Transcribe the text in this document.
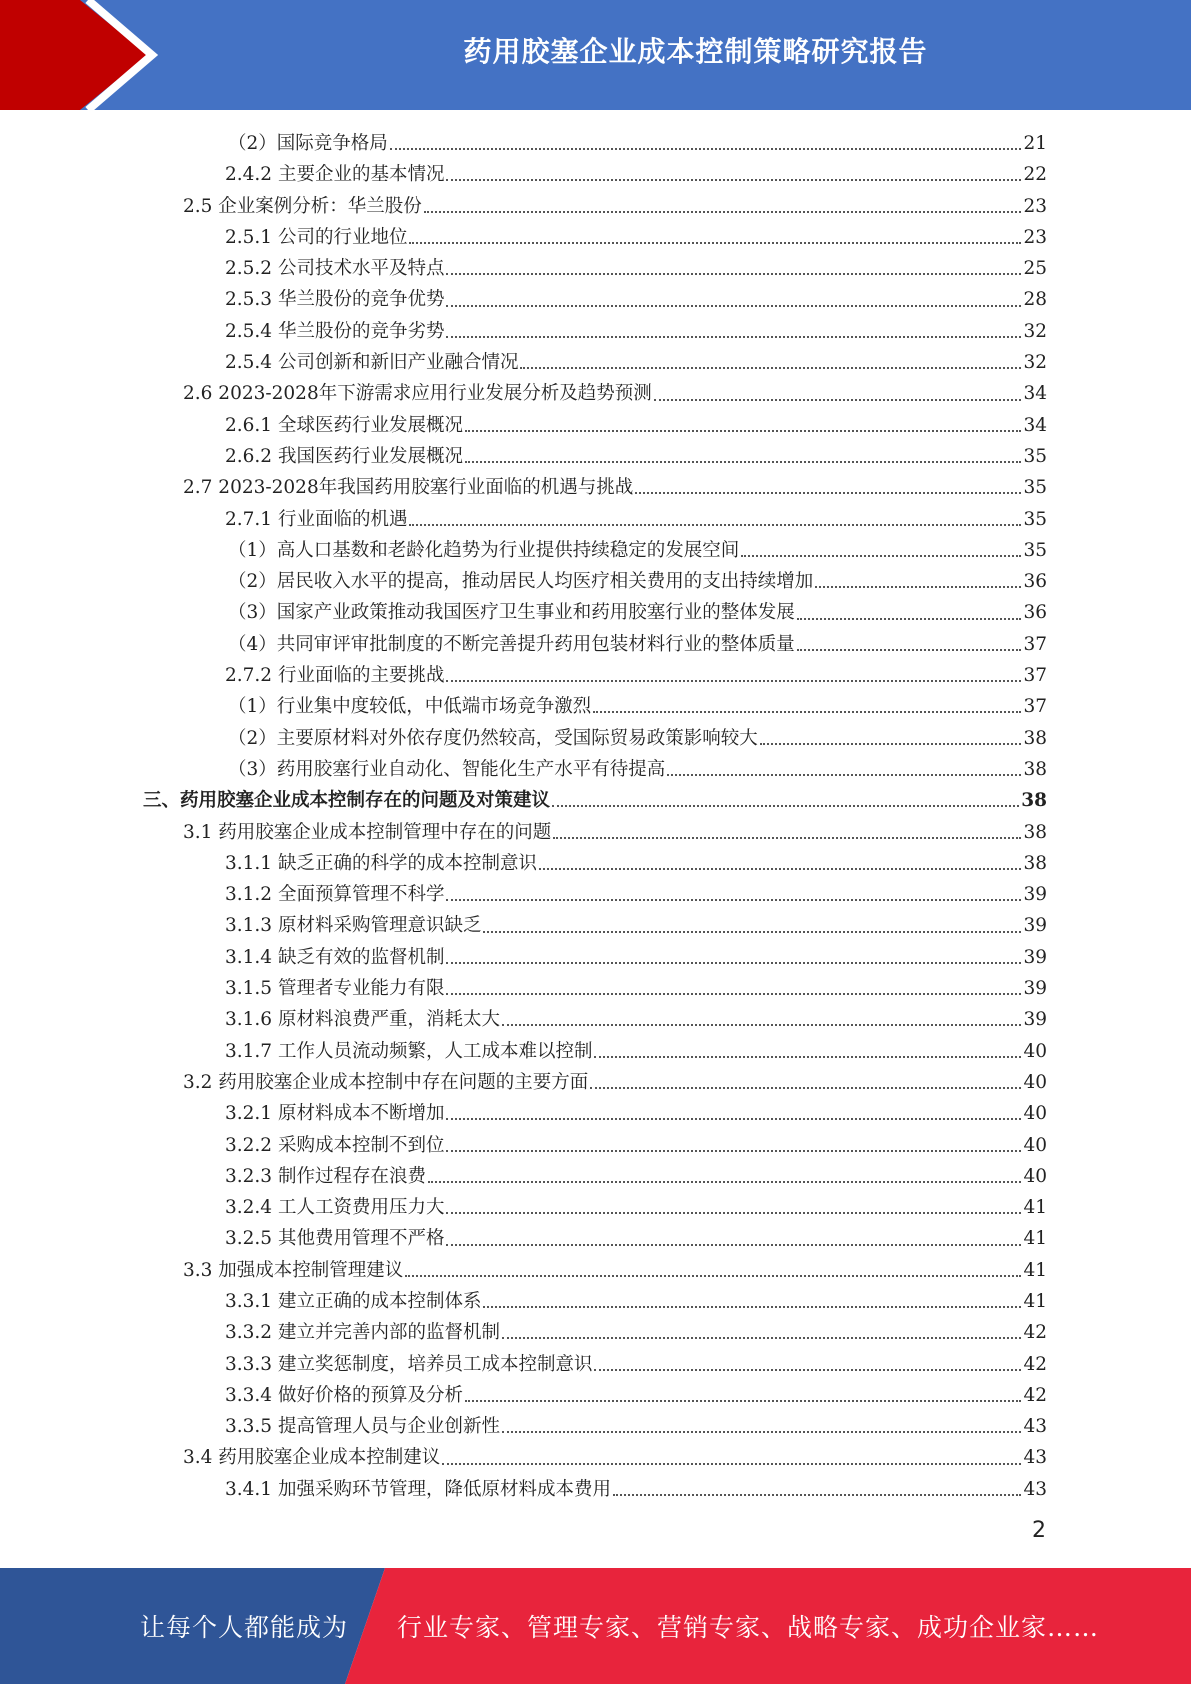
药用胶塞企业成本控制策略研究报告
（2）国际竞争格局	21
2.4.2 主要企业的基本情况	22
2.5 企业案例分析：华兰股份	23
2.5.1 公司的行业地位	23
2.5.2 公司技术水平及特点	25
2.5.3 华兰股份的竞争优势	28
2.5.4 华兰股份的竞争劣势	32
2.5.4 公司创新和新旧产业融合情况	32
2.6 2023-2028年下游需求应用行业发展分析及趋势预测	34
2.6.1 全球医药行业发展概况	34
2.6.2 我国医药行业发展概况	35
2.7 2023-2028年我国药用胶塞行业面临的机遇与挑战	35
2.7.1 行业面临的机遇	35
（1）高人口基数和老龄化趋势为行业提供持续稳定的发展空间	35
（2）居民收入水平的提高，推动居民人均医疗相关费用的支出持续增加	36
（3）国家产业政策推动我国医疗卫生事业和药用胶塞行业的整体发展	36
（4）共同审评审批制度的不断完善提升药用包装材料行业的整体质量	37
2.7.2 行业面临的主要挑战	37
（1）行业集中度较低，中低端市场竞争激烈	37
（2）主要原材料对外依存度仍然较高，受国际贸易政策影响较大	38
（3）药用胶塞行业自动化、智能化生产水平有待提高	38
三、药用胶塞企业成本控制存在的问题及对策建议	38
3.1 药用胶塞企业成本控制管理中存在的问题	38
3.1.1 缺乏正确的科学的成本控制意识	38
3.1.2 全面预算管理不科学	39
3.1.3 原材料采购管理意识缺乏	39
3.1.4 缺乏有效的监督机制	39
3.1.5 管理者专业能力有限	39
3.1.6 原材料浪费严重，消耗太大	39
3.1.7 工作人员流动频繁，人工成本难以控制	40
3.2 药用胶塞企业成本控制中存在问题的主要方面	40
3.2.1 原材料成本不断增加	40
3.2.2 采购成本控制不到位	40
3.2.3 制作过程存在浪费	40
3.2.4 工人工资费用压力大	41
3.2.5 其他费用管理不严格	41
3.3 加强成本控制管理建议	41
3.3.1 建立正确的成本控制体系	41
3.3.2 建立并完善内部的监督机制	42
3.3.3 建立奖惩制度，培养员工成本控制意识	42
3.3.4 做好价格的预算及分析	42
3.3.5 提高管理人员与企业创新性	43
3.4 药用胶塞企业成本控制建议	43
3.4.1 加强采购环节管理，降低原材料成本费用	43
2
让每个人都能成为 行业专家、管理专家、营销专家、战略专家、成功企业家……
